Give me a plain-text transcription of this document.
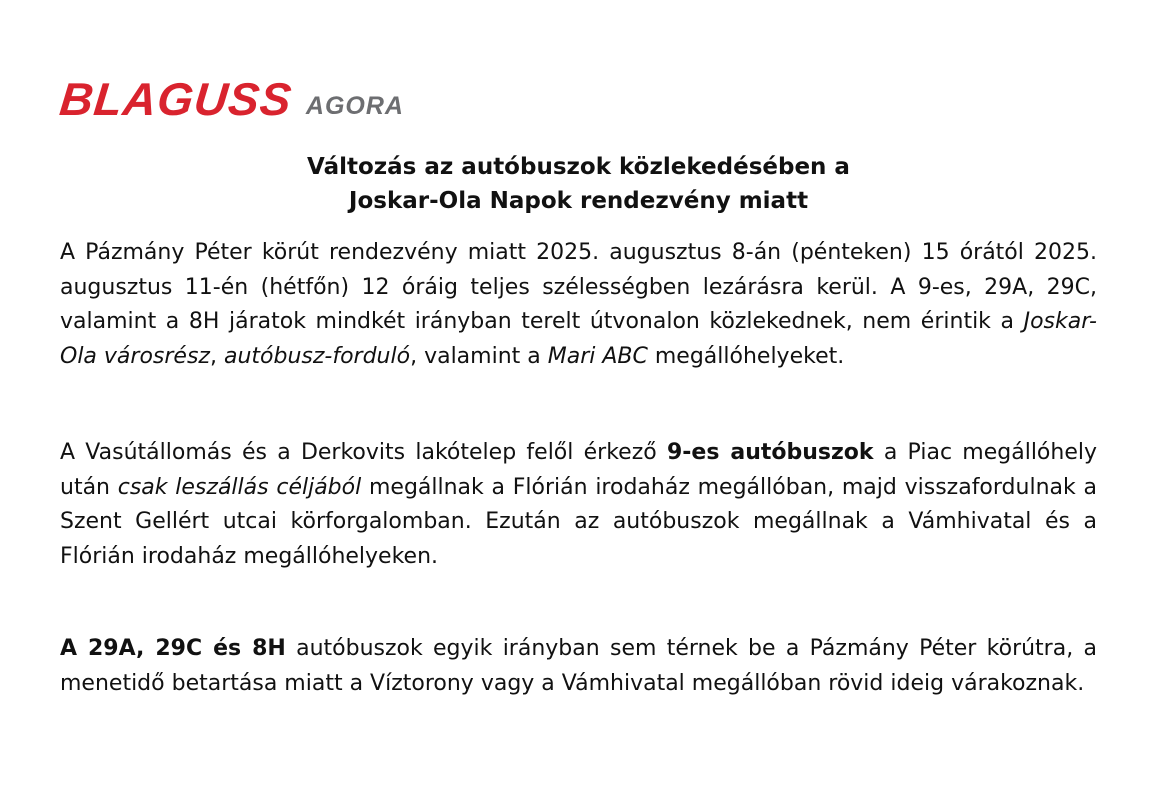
BLAGUSS AGORA
Változás az autóbuszok közlekedésében a
Joskar-Ola Napok rendezvény miatt

A Pázmány Péter körút rendezvény miatt 2025. augusztus 8-án (pénteken) 15 órától 2025. augusztus 11-én (hétfőn) 12 óráig teljes szélességben lezárásra kerül. A 9-es, 29A, 29C, valamint a 8H járatok mindkét irányban terelt útvonalon közlekednek, nem érintik a Joskar-Ola városrész, autóbusz-forduló, valamint a Mari ABC megállóhelyeket.

A Vasútállomás és a Derkovits lakótelep felől érkező 9-es autóbuszok a Piac megállóhely után csak leszállás céljából megállnak a Flórián irodaház megállóban, majd visszafordulnak a Szent Gellért utcai körforgalomban. Ezután az autóbuszok megállnak a Vámhivatal és a Flórián irodaház megállóhelyeken.

A 29A, 29C és 8H autóbuszok egyik irányban sem térnek be a Pázmány Péter körútra, a menetidő betartása miatt a Víztorony vagy a Vámhivatal megállóban rövid ideig várakoznak.
